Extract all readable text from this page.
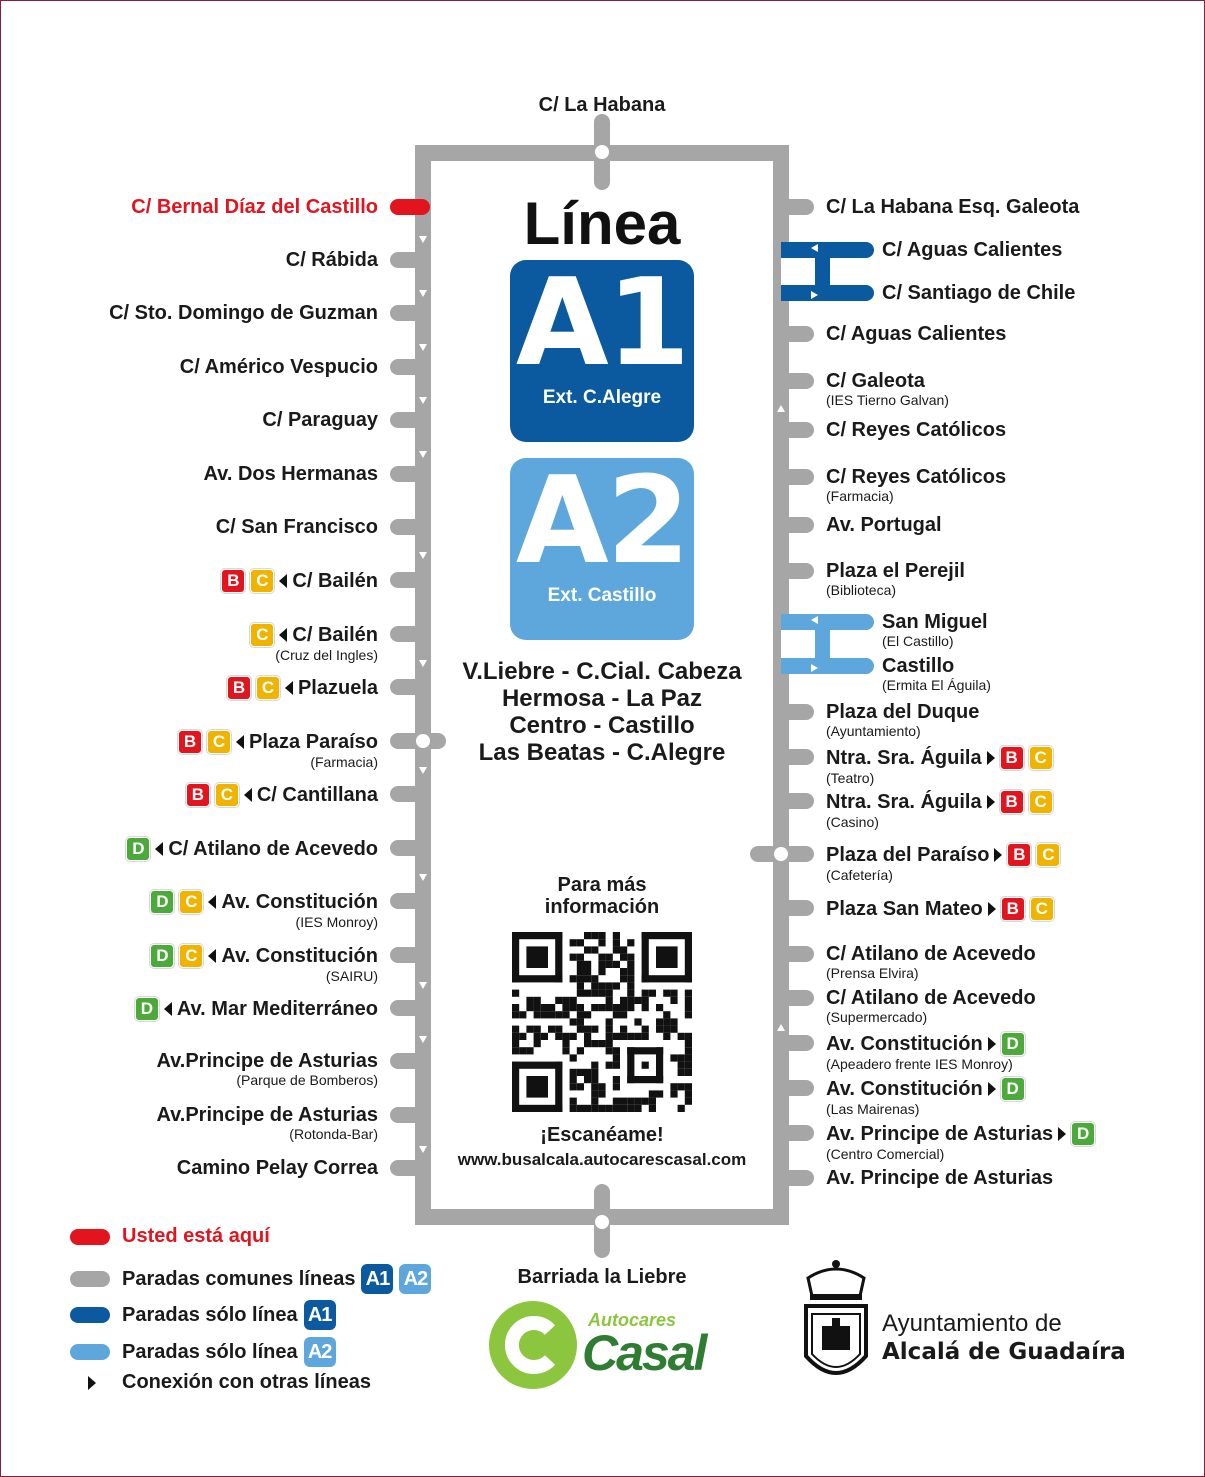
C/ La Habana
Barriada la Liebre
Línea
A1
Ext. C.Alegre
A2
Ext. Castillo
V.Liebre - C.Cial. Cabeza
Hermosa - La Paz
Centro - Castillo
Las Beatas - C.Alegre
Para más
información
¡Escanéame!
www.busalcala.autocarescasal.com
C/ Bernal Díaz del Castillo
C/ Rábida
C/ Sto. Domingo de Guzman
C/ Américo Vespucio
C/ Paraguay
Av. Dos Hermanas
C/ San Francisco
B C C/ Bailén
C C/ Bailén
(Cruz del Ingles)
B C Plazuela
B C Plaza Paraíso
(Farmacia)
B C C/ Cantillana
D C/ Atilano de Acevedo
D C Av. Constitución
(IES Monroy)
D C Av. Constitución
(SAIRU)
D Av. Mar Mediterráneo
Av.Principe de Asturias
(Parque de Bomberos)
Av.Principe de Asturias
(Rotonda-Bar)
Camino Pelay Correa
C/ La Habana Esq. Galeota
C/ Aguas Calientes
C/ Santiago de Chile
C/ Aguas Calientes
C/ Galeota
(IES Tierno Galvan)
C/ Reyes Católicos
C/ Reyes Católicos
(Farmacia)
Av. Portugal
Plaza el Perejil
(Biblioteca)
San Miguel
(El Castillo)
Castillo
(Ermita El Águila)
Plaza del Duque
(Ayuntamiento)
Ntra. Sra. Águila	B C
(Teatro)
Ntra. Sra. Águila	B C
(Casino)
Plaza del Paraíso	B C
(Cafetería)
Plaza San Mateo	B C
C/ Atilano de Acevedo
(Prensa Elvira)
C/ Atilano de Acevedo
(Supermercado)
Av. Constitución	D
(Apeadero frente IES Monroy)
Av. Constitución	D
(Las Mairenas)
Av. Principe de Asturias	D
(Centro Comercial)
Av. Principe de Asturias
Usted está aquí
Paradas comunes líneas A1 A2
Paradas sólo línea A1
Paradas sólo línea A2
Conexión con otras líneas
Autocares
Casal
Ayuntamiento de
Alcalá de Guadaíra
